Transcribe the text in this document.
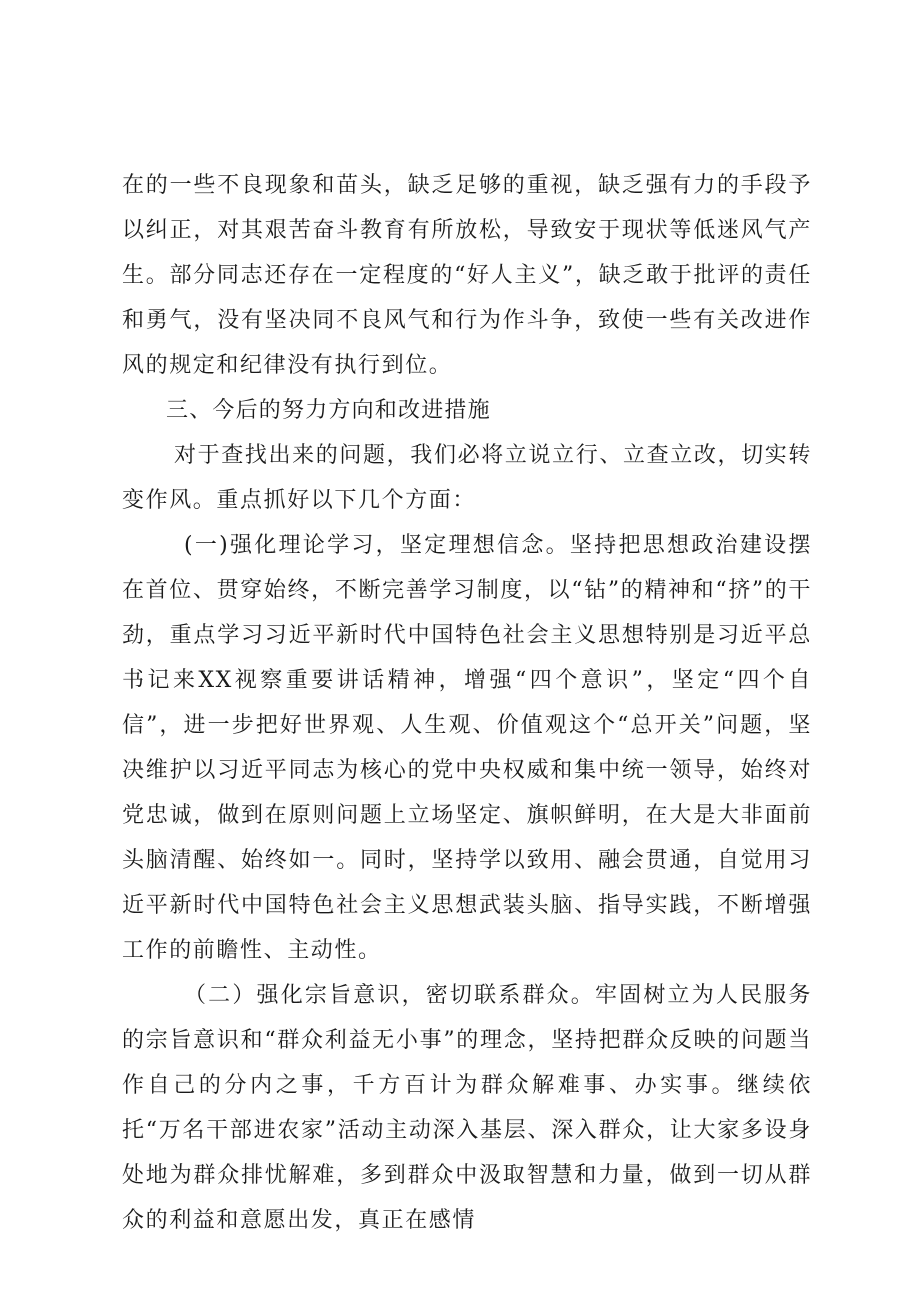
在的一些不良现象和苗头，缺乏足够的重视，缺乏强有力的手段予以纠正，对其艰苦奋斗教育有所放松，导致安于现状等低迷风气产生。部分同志还存在一定程度的“好人主义”，缺乏敢于批评的责任和勇气，没有坚决同不良风气和行为作斗争，致使一些有关改进作风的规定和纪律没有执行到位。

三、今后的努力方向和改进措施

对于查找出来的问题，我们必将立说立行、立查立改，切实转变作风。重点抓好以下几个方面：

(一)强化理论学习，坚定理想信念。坚持把思想政治建设摆在首位、贯穿始终，不断完善学习制度，以“钻”的精神和“挤”的干劲，重点学习习近平新时代中国特色社会主义思想特别是习近平总书记来XX视察重要讲话精神，增强“四个意识”，坚定“四个自信”，进一步把好世界观、人生观、价值观这个“总开关”问题，坚决维护以习近平同志为核心的党中央权威和集中统一领导，始终对党忠诚，做到在原则问题上立场坚定、旗帜鲜明，在大是大非面前头脑清醒、始终如一。同时，坚持学以致用、融会贯通，自觉用习近平新时代中国特色社会主义思想武装头脑、指导实践，不断增强工作的前瞻性、主动性。

（二）强化宗旨意识，密切联系群众。牢固树立为人民服务的宗旨意识和“群众利益无小事”的理念，坚持把群众反映的问题当作自己的分内之事，千方百计为群众解难事、办实事。继续依托“万名干部进农家”活动主动深入基层、深入群众，让大家多设身处地为群众排忧解难，多到群众中汲取智慧和力量，做到一切从群众的利益和意愿出发，真正在感情
